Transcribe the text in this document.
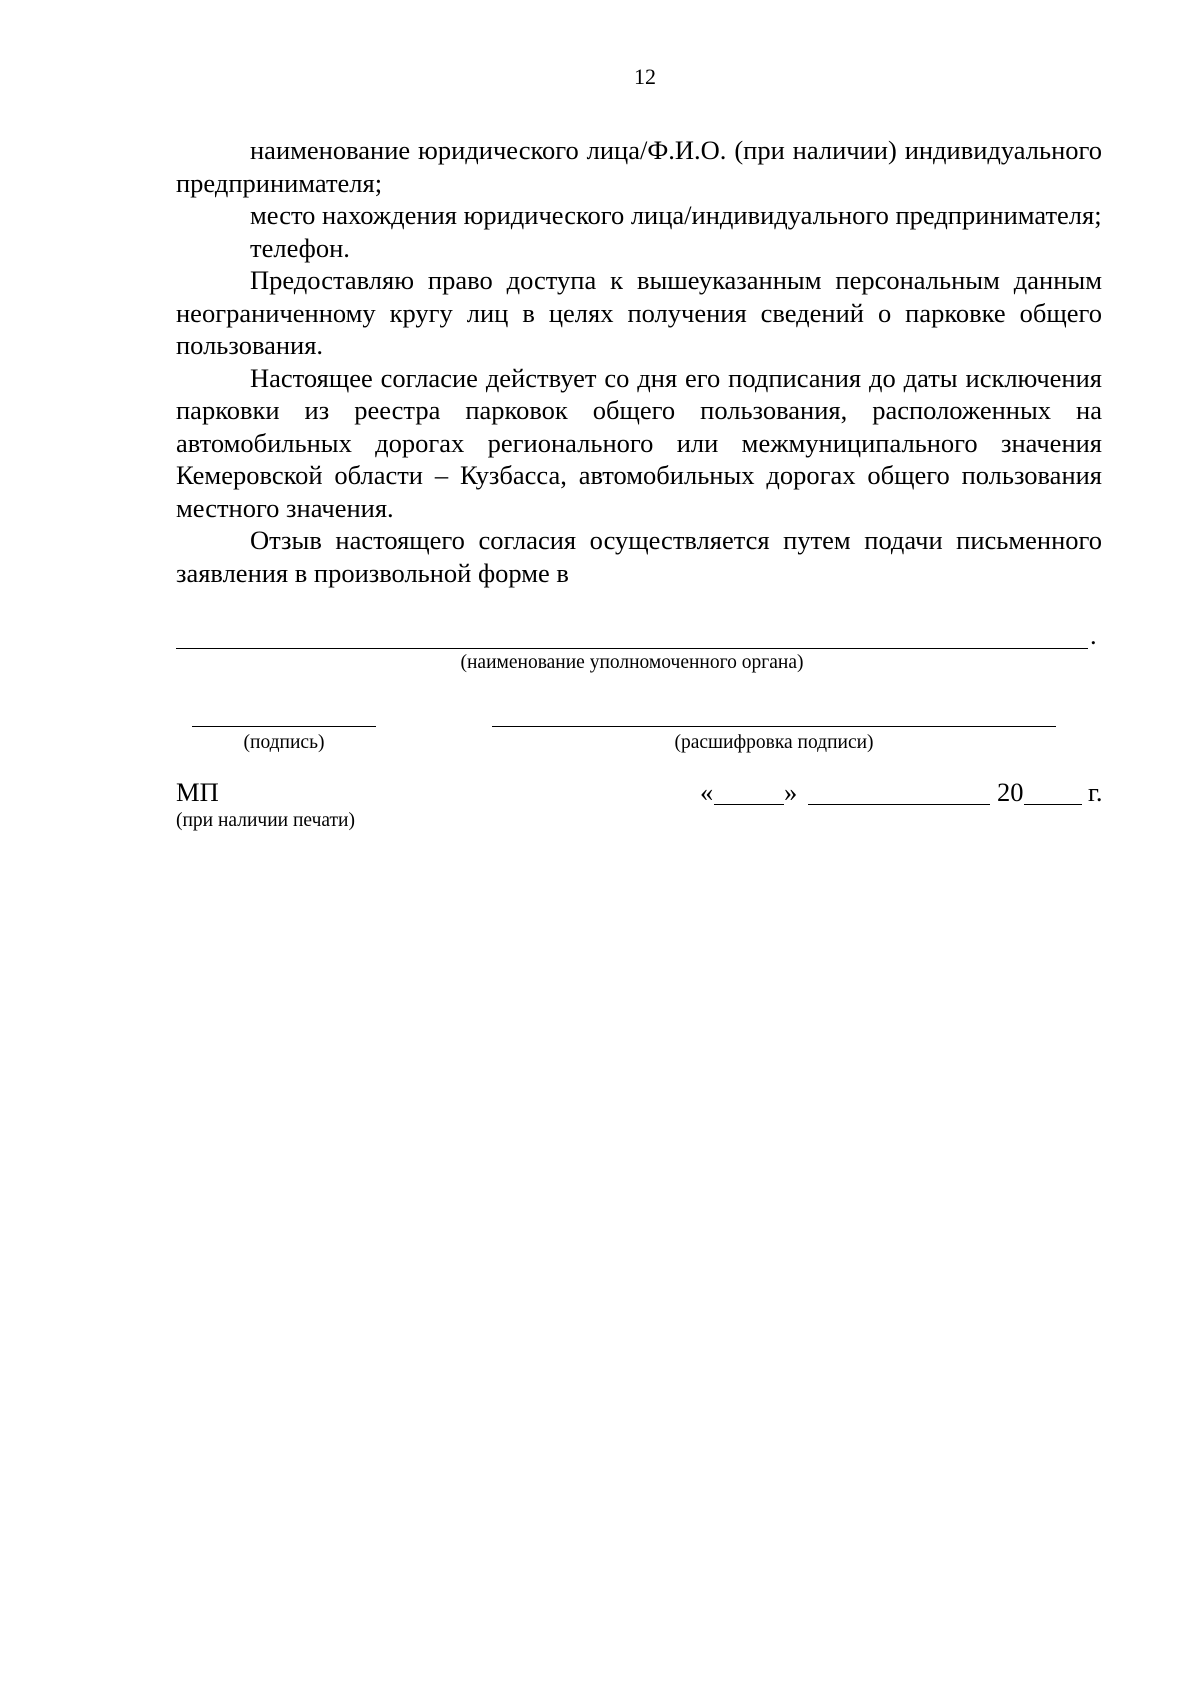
12

наименование юридического лица/Ф.И.О. (при наличии) индивидуального предпринимателя;

место нахождения юридического лица/индивидуального предпринимателя;

телефон.

Предоставляю право доступа к вышеуказанным персональным данным неограниченному кругу лиц в целях получения сведений о парковке общего пользования.

Настоящее согласие действует со дня его подписания до даты исключения парковки из реестра парковок общего пользования, расположенных на автомобильных дорогах регионального или межмуниципального значения Кемеровской области – Кузбасса, автомобильных дорогах общего пользования местного значения.

Отзыв настоящего согласия осуществляется путем подачи письменного заявления в произвольной форме в

.
(наименование уполномоченного органа)
(подпись)	(расшифровка подписи)
МП
(при наличии печати)
«	»	20 г.
